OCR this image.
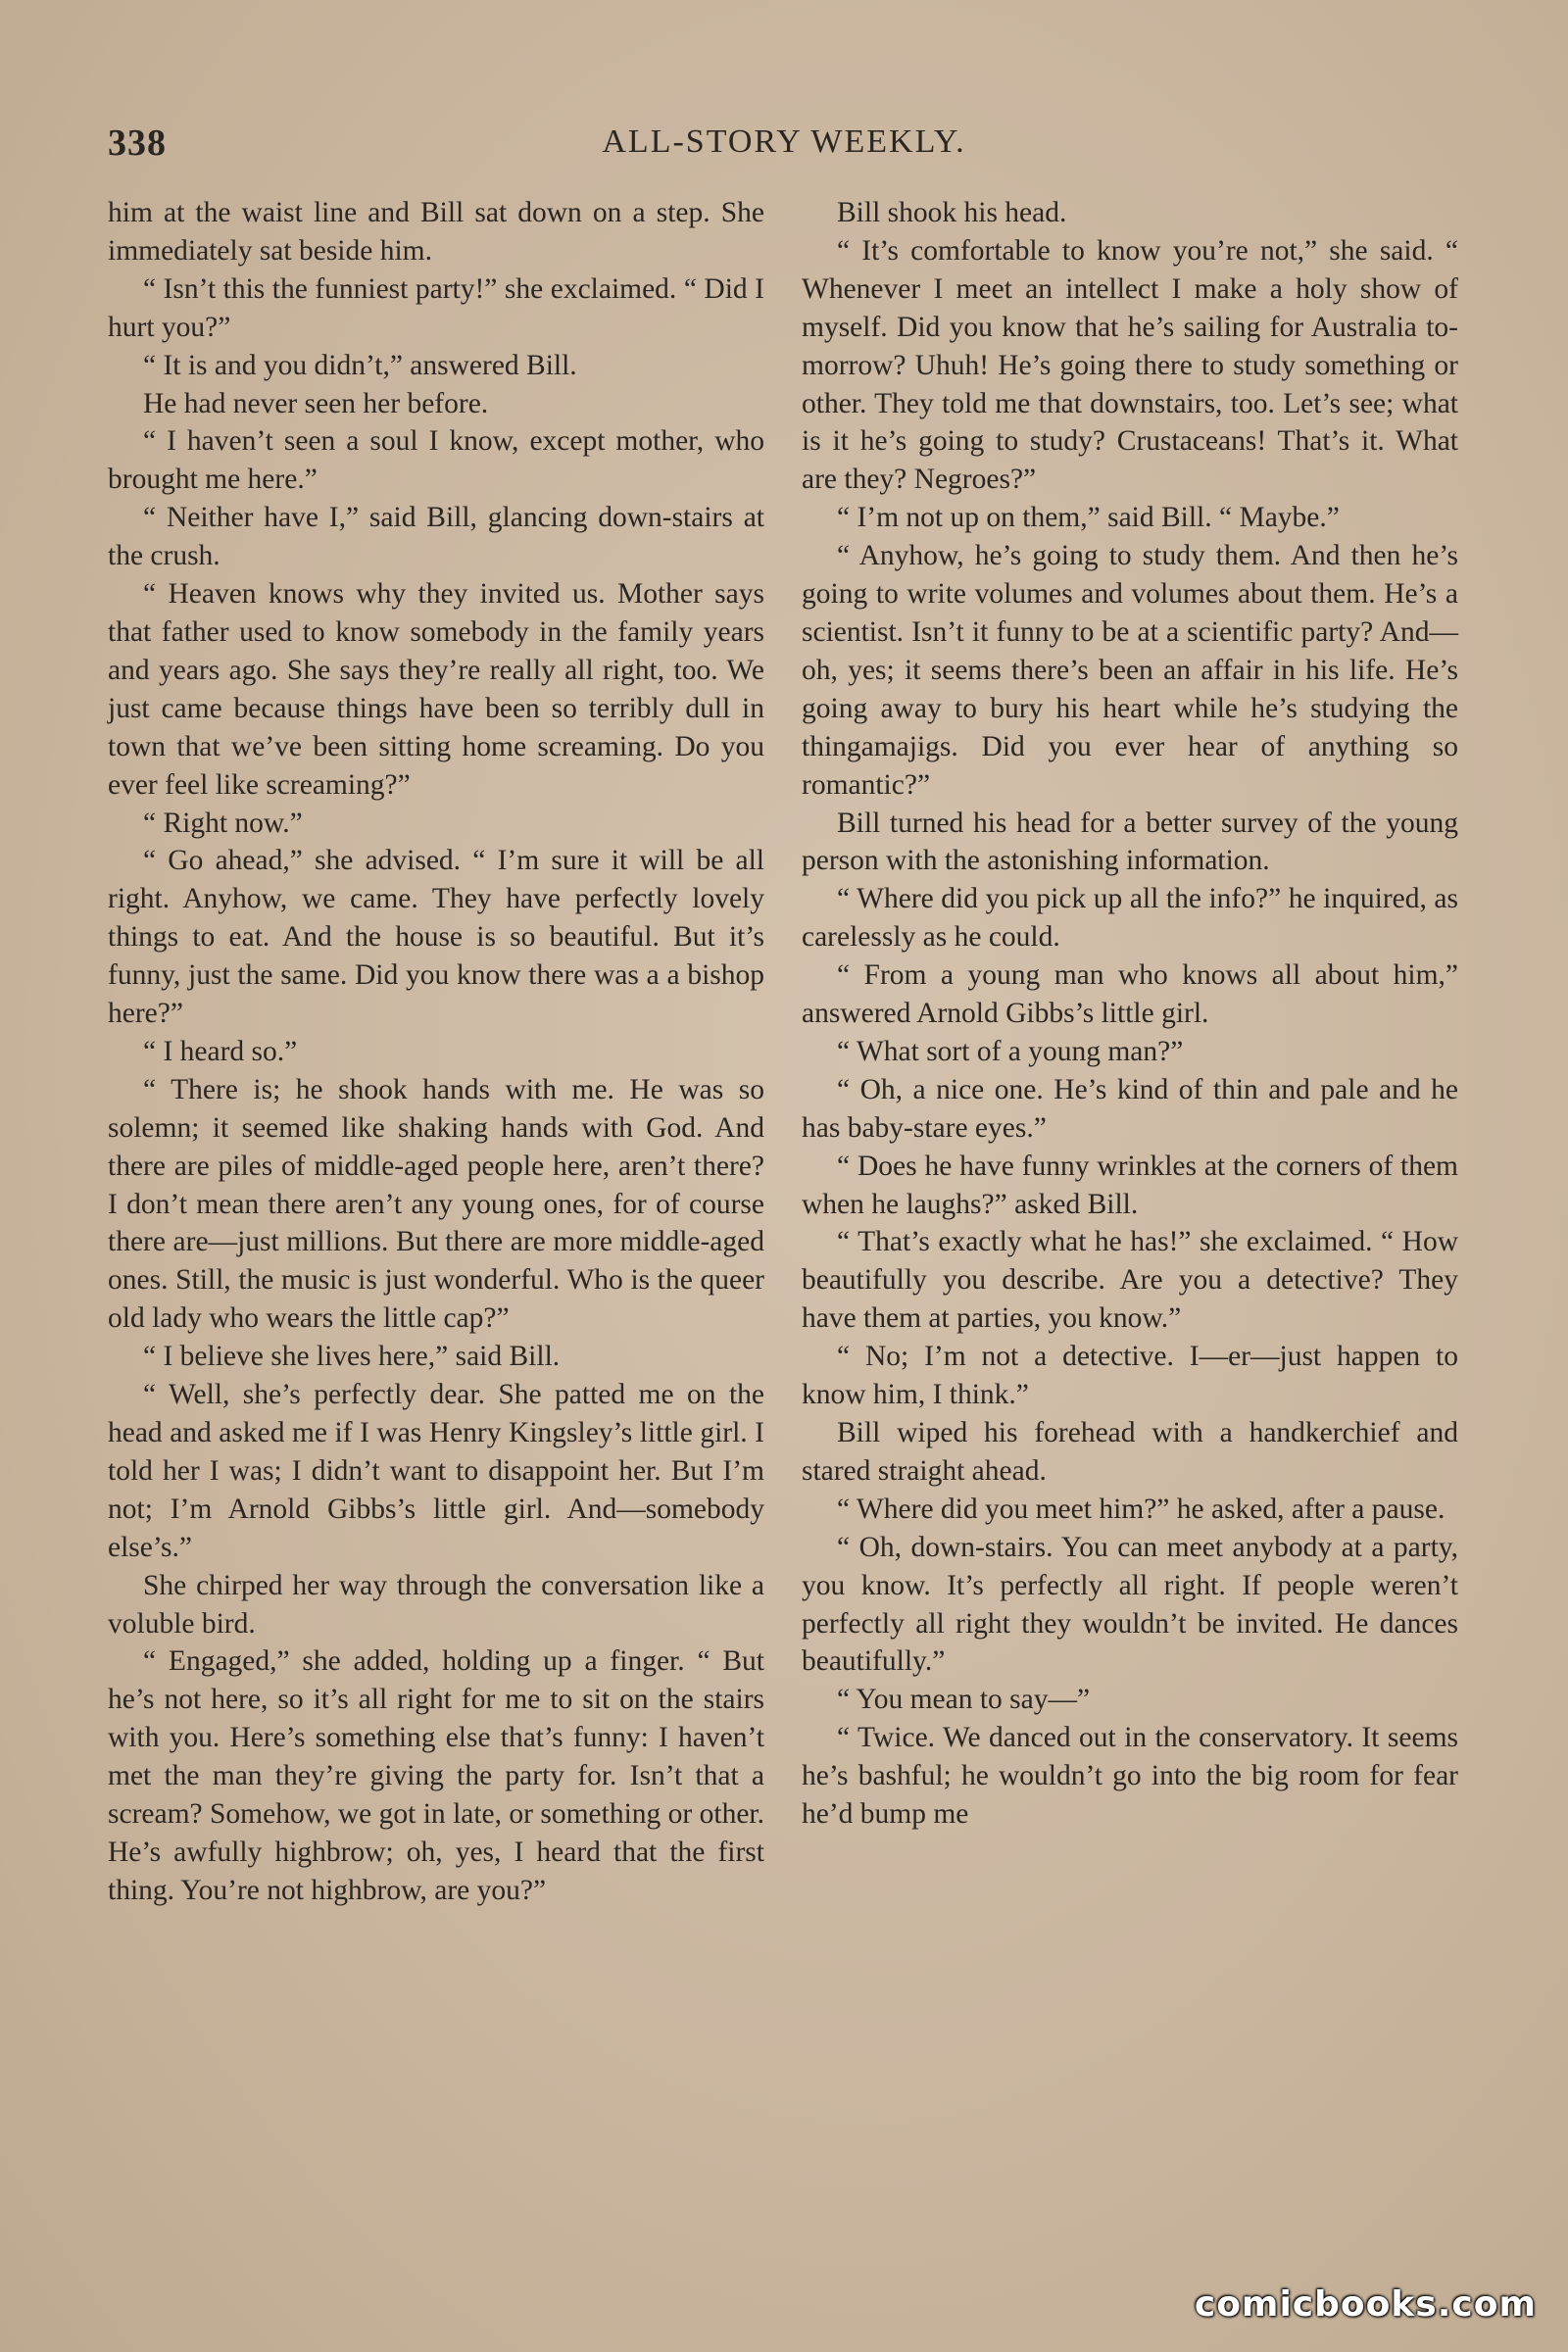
338	ALL-STORY WEEKLY.

him at the waist line and Bill sat down on a step. She immediately sat beside him.

“ Isn’t this the funniest party!” she exclaimed. “ Did I hurt you?”

“ It is and you didn’t,” answered Bill.

He had never seen her before.

“ I haven’t seen a soul I know, except mother, who brought me here.”

“ Neither have I,” said Bill, glancing down-stairs at the crush.

“ Heaven knows why they invited us. Mother says that father used to know somebody in the family years and years ago. She says they’re really all right, too. We just came because things have been so terribly dull in town that we’ve been sitting home screaming. Do you ever feel like screaming?”

“ Right now.”

“ Go ahead,” she advised. “ I’m sure it will be all right. Anyhow, we came. They have perfectly lovely things to eat. And the house is so beautiful. But it’s funny, just the same. Did you know there was a a bishop here?”

“ I heard so.”

“ There is; he shook hands with me. He was so solemn; it seemed like shaking hands with God. And there are piles of middle-aged people here, aren’t there? I don’t mean there aren’t any young ones, for of course there are—just millions. But there are more middle-aged ones. Still, the music is just wonderful. Who is the queer old lady who wears the little cap?”

“ I believe she lives here,” said Bill.

“ Well, she’s perfectly dear. She patted me on the head and asked me if I was Henry Kingsley’s little girl. I told her I was; I didn’t want to disappoint her. But I’m not; I’m Arnold Gibbs’s little girl. And—somebody else’s.”

She chirped her way through the conversation like a voluble bird.

“ Engaged,” she added, holding up a finger. “ But he’s not here, so it’s all right for me to sit on the stairs with you. Here’s something else that’s funny: I haven’t met the man they’re giving the party for. Isn’t that a scream? Somehow, we got in late, or something or other. He’s awfully highbrow; oh, yes, I heard that the first thing. You’re not highbrow, are you?”

Bill shook his head.

“ It’s comfortable to know you’re not,” she said. “ Whenever I meet an intellect I make a holy show of myself. Did you know that he’s sailing for Australia to-morrow? Uhuh! He’s going there to study something or other. They told me that downstairs, too. Let’s see; what is it he’s going to study? Crustaceans! That’s it. What are they? Negroes?”

“ I’m not up on them,” said Bill. “ Maybe.”

“ Anyhow, he’s going to study them. And then he’s going to write volumes and volumes about them. He’s a scientist. Isn’t it funny to be at a scientific party? And—oh, yes; it seems there’s been an affair in his life. He’s going away to bury his heart while he’s studying the thingamajigs. Did you ever hear of anything so romantic?”

Bill turned his head for a better survey of the young person with the astonishing information.

“ Where did you pick up all the info?” he inquired, as carelessly as he could.

“ From a young man who knows all about him,” answered Arnold Gibbs’s little girl.

“ What sort of a young man?”

“ Oh, a nice one. He’s kind of thin and pale and he has baby-stare eyes.”

“ Does he have funny wrinkles at the corners of them when he laughs?” asked Bill.

“ That’s exactly what he has!” she exclaimed. “ How beautifully you describe. Are you a detective? They have them at parties, you know.”

“ No; I’m not a detective. I—er—just happen to know him, I think.”

Bill wiped his forehead with a handkerchief and stared straight ahead.

“ Where did you meet him?” he asked, after a pause.

“ Oh, down-stairs. You can meet anybody at a party, you know. It’s perfectly all right. If people weren’t perfectly all right they wouldn’t be invited. He dances beautifully.”

“ You mean to say—”

“ Twice. We danced out in the conservatory. It seems he’s bashful; he wouldn’t go into the big room for fear he’d bump me

comicbooks.com
